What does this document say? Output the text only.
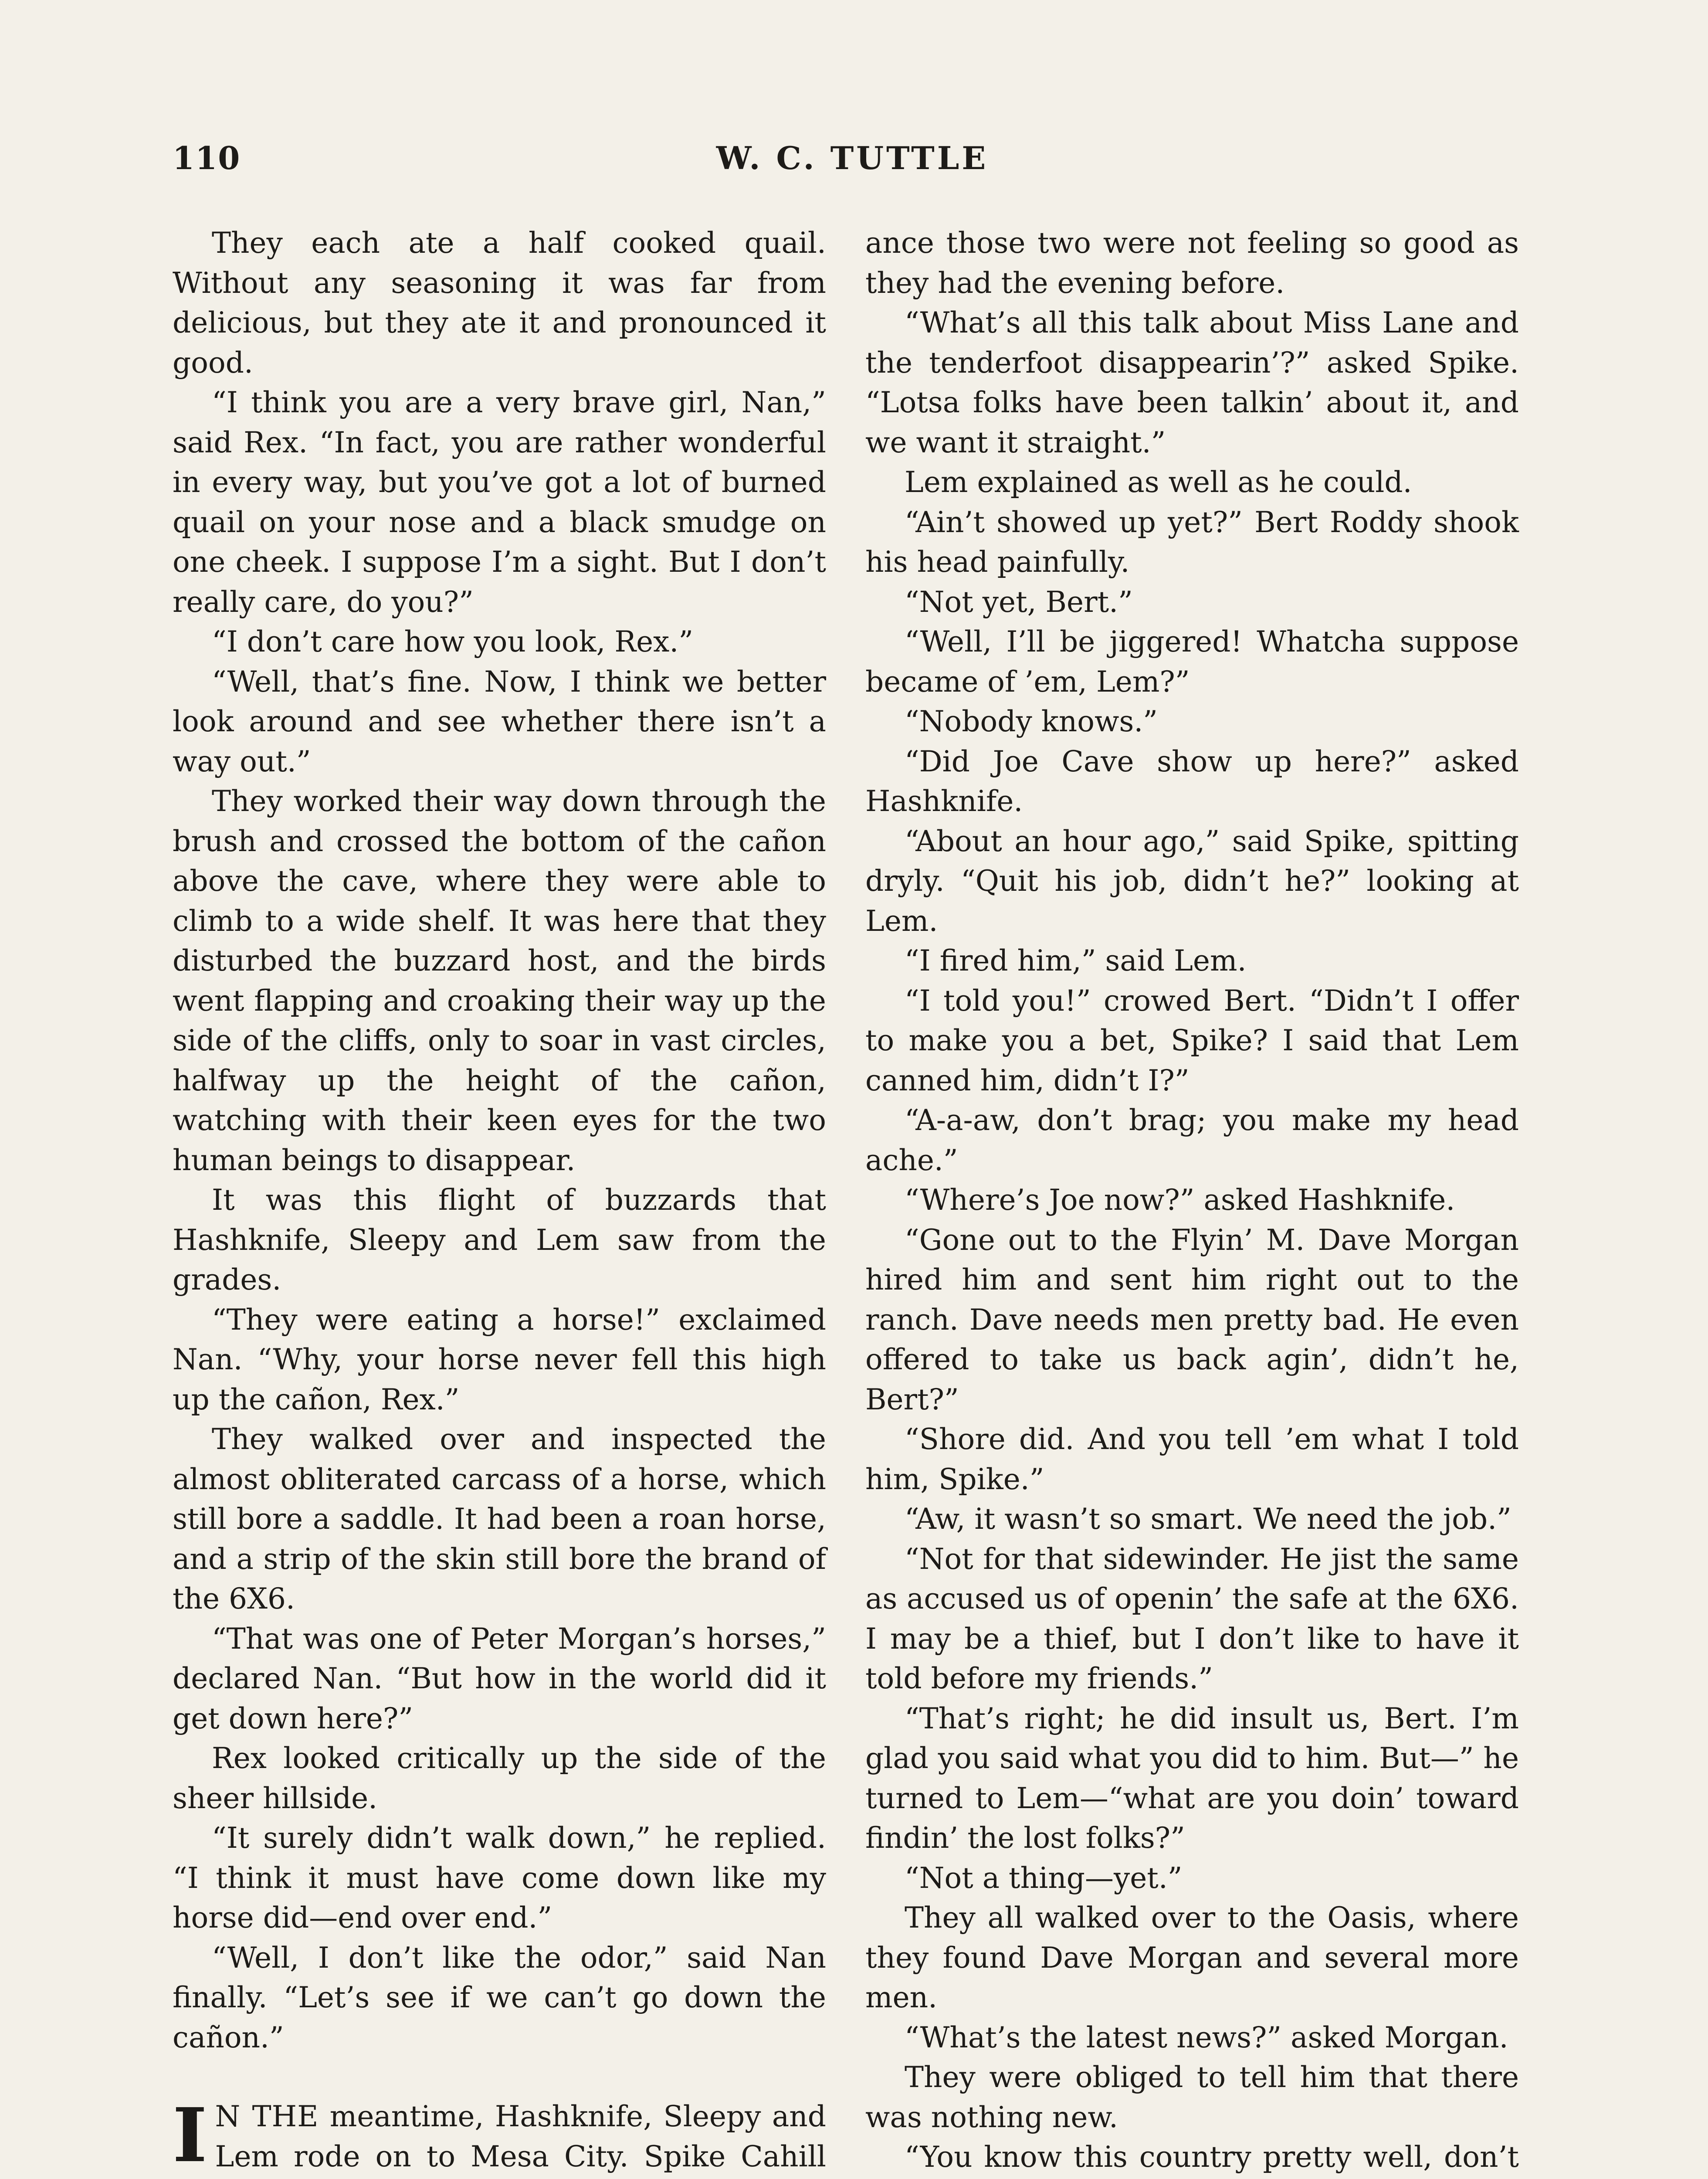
110	W. C. TUTTLE

They each ate a half cooked quail. Without any seasoning it was far from delicious, but they ate it and pronounced it good.

“I think you are a very brave girl, Nan,” said Rex. “In fact, you are rather wonderful in every way, but you’ve got a lot of burned quail on your nose and a black smudge on one cheek. I suppose I’m a sight. But I don’t really care, do you?”

“I don’t care how you look, Rex.”

“Well, that’s fine. Now, I think we better look around and see whether there isn’t a way out.”

They worked their way down through the brush and crossed the bottom of the cañon above the cave, where they were able to climb to a wide shelf. It was here that they disturbed the buzzard host, and the birds went flapping and croaking their way up the side of the cliffs, only to soar in vast circles, halfway up the height of the cañon, watching with their keen eyes for the two human beings to disappear.

It was this flight of buzzards that Hashknife, Sleepy and Lem saw from the grades.

“They were eating a horse!” exclaimed Nan. “Why, your horse never fell this high up the cañon, Rex.”

They walked over and inspected the almost obliterated carcass of a horse, which still bore a saddle. It had been a roan horse, and a strip of the skin still bore the brand of the 6X6.

“That was one of Peter Morgan’s horses,” declared Nan. “But how in the world did it get down here?”

Rex looked critically up the side of the sheer hillside.

“It surely didn’t walk down,” he replied. “I think it must have come down like my horse did—end over end.”

“Well, I don’t like the odor,” said Nan finally. “Let’s see if we can’t go down the cañon.”

I N THE meantime, Hashknife, Sleepy and Lem rode on to Mesa City. Spike Cahill

ance those two were not feeling so good as they had the evening before.

“What’s all this talk about Miss Lane and the tenderfoot disappearin’?” asked Spike. “Lotsa folks have been talkin’ about it, and we want it straight.”

Lem explained as well as he could.

“Ain’t showed up yet?” Bert Roddy shook his head painfully.

“Not yet, Bert.”

“Well, I’ll be jiggered! Whatcha suppose became of ’em, Lem?”

“Nobody knows.”

“Did Joe Cave show up here?” asked Hashknife.

“About an hour ago,” said Spike, spitting dryly. “Quit his job, didn’t he?” looking at Lem.

“I fired him,” said Lem.

“I told you!” crowed Bert. “Didn’t I offer to make you a bet, Spike? I said that Lem canned him, didn’t I?”

“A-a-aw, don’t brag; you make my head ache.”

“Where’s Joe now?” asked Hashknife.

“Gone out to the Flyin’ M. Dave Morgan hired him and sent him right out to the ranch. Dave needs men pretty bad. He even offered to take us back agin’, didn’t he, Bert?”

“Shore did. And you tell ’em what I told him, Spike.”

“Aw, it wasn’t so smart. We need the job.”

“Not for that sidewinder. He jist the same as accused us of openin’ the safe at the 6X6. I may be a thief, but I don’t like to have it told before my friends.”

“That’s right; he did insult us, Bert. I’m glad you said what you did to him. But—” he turned to Lem—“what are you doin’ toward findin’ the lost folks?”

“Not a thing—yet.”

They all walked over to the Oasis, where they found Dave Morgan and several more men.

“What’s the latest news?” asked Morgan.

They were obliged to tell him that there was nothing new.

“You know this country pretty well, don’t
